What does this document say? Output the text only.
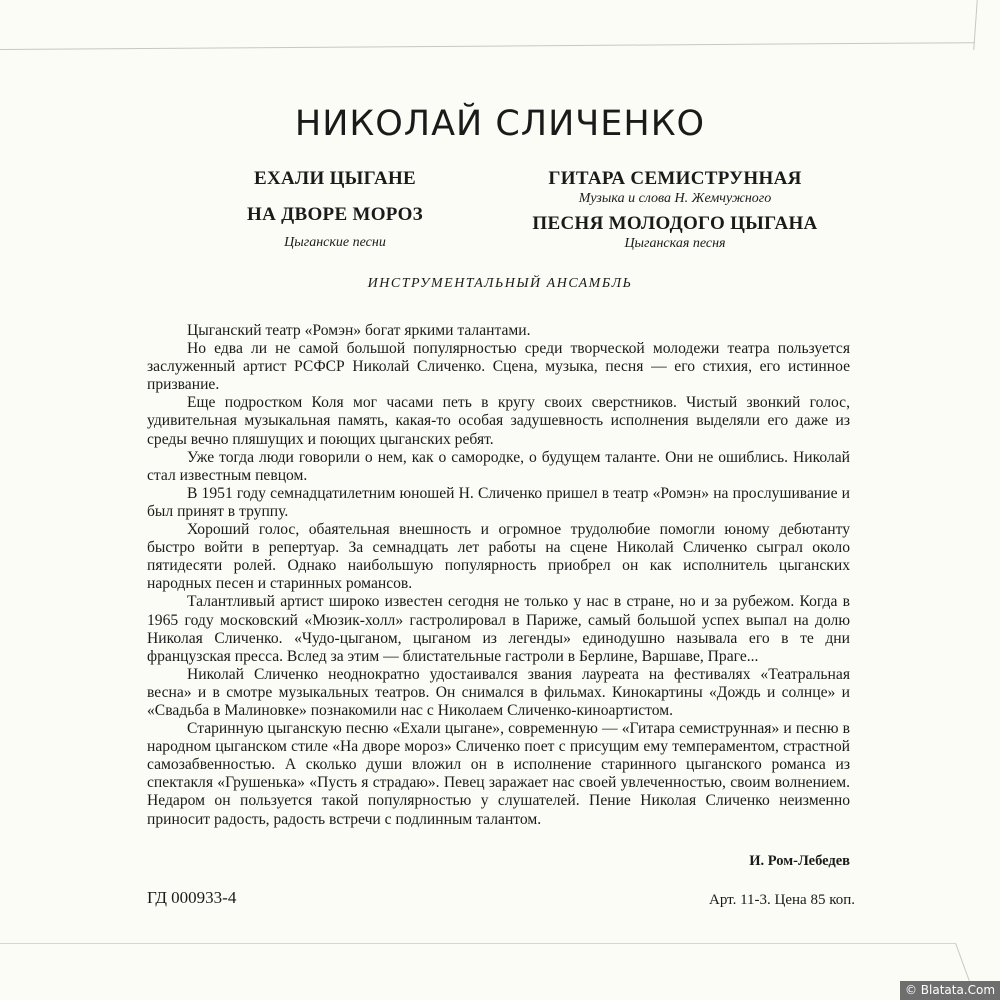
НИКОЛАЙ СЛИЧЕНКО
ЕХАЛИ ЦЫГАНЕ
НА ДВОРЕ МОРОЗ
Цыганские песни
ГИТАРА СЕМИСТРУННАЯ
Музыка и слова Н. Жемчужного
ПЕСНЯ МОЛОДОГО ЦЫГАНА
Цыганская песня
ИНСТРУМЕНТАЛЬНЫЙ АНСАМБЛЬ

Цыганский театр «Ромэн» богат яркими талантами.

Но едва ли не самой большой популярностью среди творческой молодежи театра пользуется заслуженный артист РСФСР Николай Сличенко. Сцена, музыка, песня — его стихия, его истинное призвание.

Еще подростком Коля мог часами петь в кругу своих сверстников. Чистый звонкий голос, удивительная музыкальная память, какая-то особая задушевность исполнения выделяли его даже из среды вечно пляшущих и поющих цыганских ребят.

Уже тогда люди говорили о нем, как о самородке, о будущем таланте. Они не ошиблись. Николай стал известным певцом.

В 1951 году семнадцатилетним юношей Н. Сличенко пришел в театр «Ромэн» на прослушивание и был принят в труппу.

Хороший голос, обаятельная внешность и огромное трудолюбие помогли юному дебютанту быстро войти в репертуар. За семнадцать лет работы на сцене Николай Сличенко сыграл около пятидесяти ролей. Однако наибольшую популярность приобрел он как исполнитель цыганских народных песен и старинных романсов.

Талантливый артист широко известен сегодня не только у нас в стране, но и за рубежом. Когда в 1965 году московский «Мюзик-холл» гастролировал в Париже, самый большой успех выпал на долю Николая Сличенко. «Чудо-цыганом, цыганом из легенды» единодушно называла его в те дни французская пресса. Вслед за этим — блистательные гастроли в Берлине, Варшаве, Праге...

Николай Сличенко неоднократно удостаивался звания лауреата на фестивалях «Театральная весна» и в смотре музыкальных театров. Он снимался в фильмах. Кинокартины «Дождь и солнце» и «Свадьба в Малиновке» познакомили нас с Николаем Сличенко-киноартистом.

Старинную цыганскую песню «Ехали цыгане», современную — «Гитара семиструнная» и песню в народном цыганском стиле «На дворе мороз» Сличенко поет с присущим ему темпераментом, страстной самозабвенностью. А сколько души вложил он в исполнение старинного цыганского романса из спектакля «Грушенька» «Пусть я страдаю». Певец заражает нас своей увлеченностью, своим волнением. Недаром он пользуется такой популярностью у слушателей. Пение Николая Сличенко неизменно приносит радость, радость встречи с подлинным талантом.

И. Ром-Лебедев
ГД 000933-4	Арт. 11-3. Цена 85 коп.
© Blatata.Com
